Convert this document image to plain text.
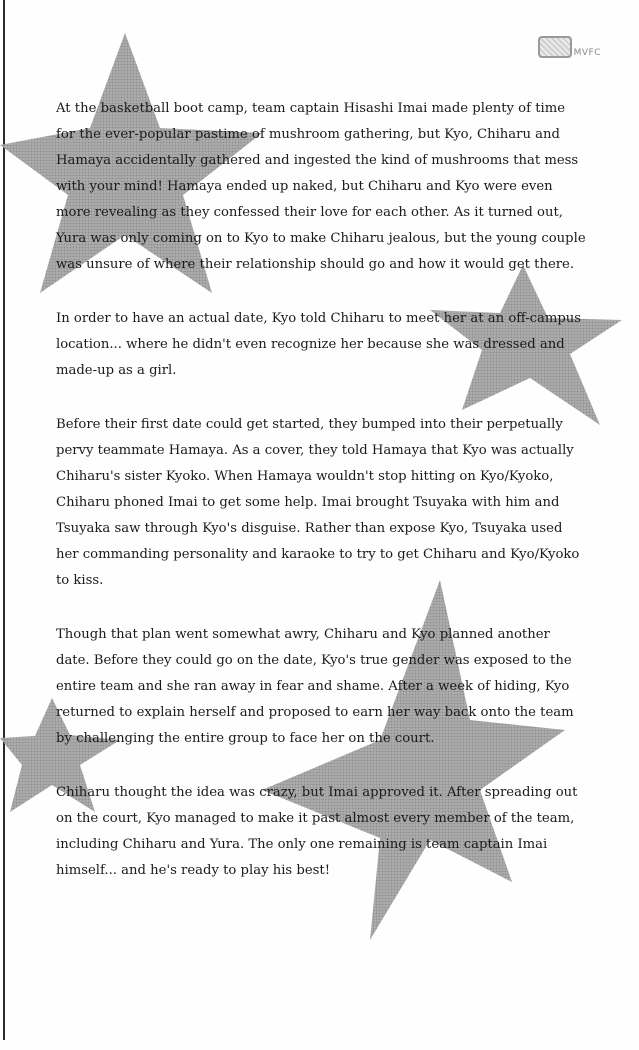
MVFC

At the basketball boot camp, team captain Hisashi Imai made plenty of time for the ever-popular pastime of mushroom gathering, but Kyo, Chiharu and Hamaya accidentally gathered and ingested the kind of mushrooms that mess with your mind! Hamaya ended up naked, but Chiharu and Kyo were even more revealing as they confessed their love for each other. As it turned out, Yura was only coming on to Kyo to make Chiharu jealous, but the young couple was unsure of where their relationship should go and how it would get there.

In order to have an actual date, Kyo told Chiharu to meet her at an off-campus location... where he didn't even recognize her because she was dressed and made-up as a girl.

Before their first date could get started, they bumped into their perpetually pervy teammate Hamaya. As a cover, they told Hamaya that Kyo was actually Chiharu's sister Kyoko. When Hamaya wouldn't stop hitting on Kyo/Kyoko, Chiharu phoned Imai to get some help. Imai brought Tsuyaka with him and Tsuyaka saw through Kyo's disguise. Rather than expose Kyo, Tsuyaka used her commanding personality and karaoke to try to get Chiharu and Kyo/Kyoko to kiss.

Though that plan went somewhat awry, Chiharu and Kyo planned another date. Before they could go on the date, Kyo's true gender was exposed to the entire team and she ran away in fear and shame. After a week of hiding, Kyo returned to explain herself and proposed to earn her way back onto the team by challenging the entire group to face her on the court.

Chiharu thought the idea was crazy, but Imai approved it. After spreading out on the court, Kyo managed to make it past almost every member of the team, including Chiharu and Yura. The only one remaining is team captain Imai himself... and he's ready to play his best!
